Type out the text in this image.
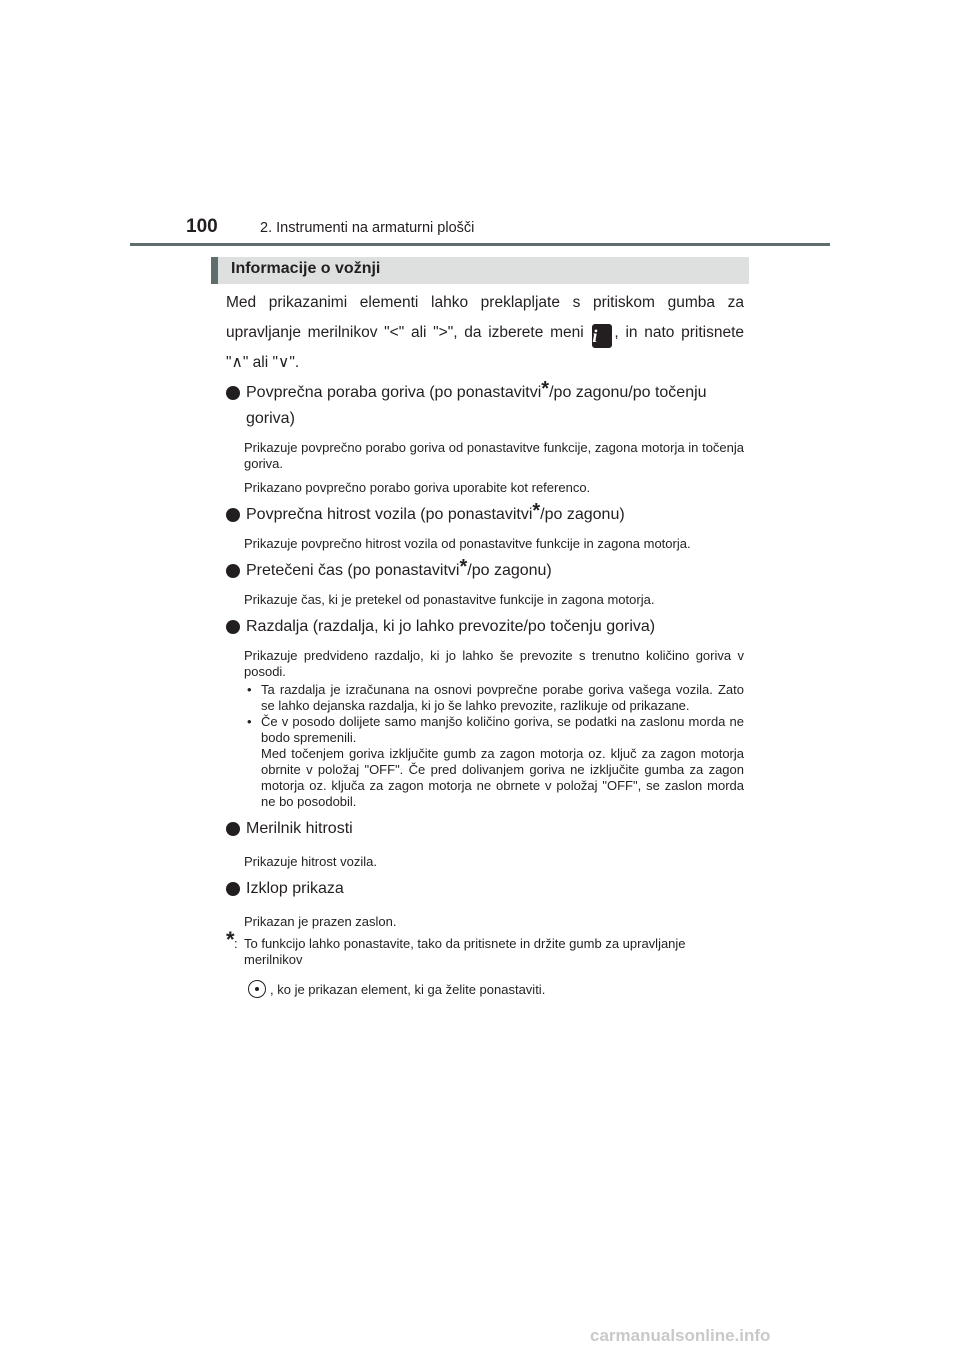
100	2. Instrumenti na armaturni plošči
Informacije o vožnji

Med prikazanimi elementi lahko preklapljate s pritiskom gumba za upravljanje merilnikov "<" ali ">", da izberete meni i , in nato pritisnete "∧" ali "∨".

Povprečna poraba goriva (po ponastavitvi*/po zagonu/po točenju goriva)

Prikazuje povprečno porabo goriva od ponastavitve funkcije, zagona motorja in točenja goriva.

Prikazano povprečno porabo goriva uporabite kot referenco.

Povprečna hitrost vozila (po ponastavitvi*/po zagonu)

Prikazuje povprečno hitrost vozila od ponastavitve funkcije in zagona motorja.

Pretečeni čas (po ponastavitvi*/po zagonu)

Prikazuje čas, ki je pretekel od ponastavitve funkcije in zagona motorja.

Razdalja (razdalja, ki jo lahko prevozite/po točenju goriva)

Prikazuje predvideno razdaljo, ki jo lahko še prevozite s trenutno količino goriva v posodi.

• Ta razdalja je izračunana na osnovi povprečne porabe goriva vašega vozila. Zato se lahko dejanska razdalja, ki jo še lahko prevozite, razlikuje od prikazane.
• Če v posodo dolijete samo manjšo količino goriva, se podatki na zaslonu morda ne bodo spremenili.
Med točenjem goriva izključite gumb za zagon motorja oz. ključ za zagon motorja obrnite v položaj "OFF". Če pred dolivanjem goriva ne izključite gumba za zagon motorja oz. ključa za zagon motorja ne obrnete v položaj "OFF", se zaslon morda ne bo posodobil.
Merilnik hitrosti

Prikazuje hitrost vozila.

Izklop prikaza

Prikazan je prazen zaslon.

* : To funkcijo lahko ponastavite, tako da pritisnete in držite gumb za upravljanje merilnikov
, ko je prikazan element, ki ga želite ponastaviti.
carmanualsonline.info
